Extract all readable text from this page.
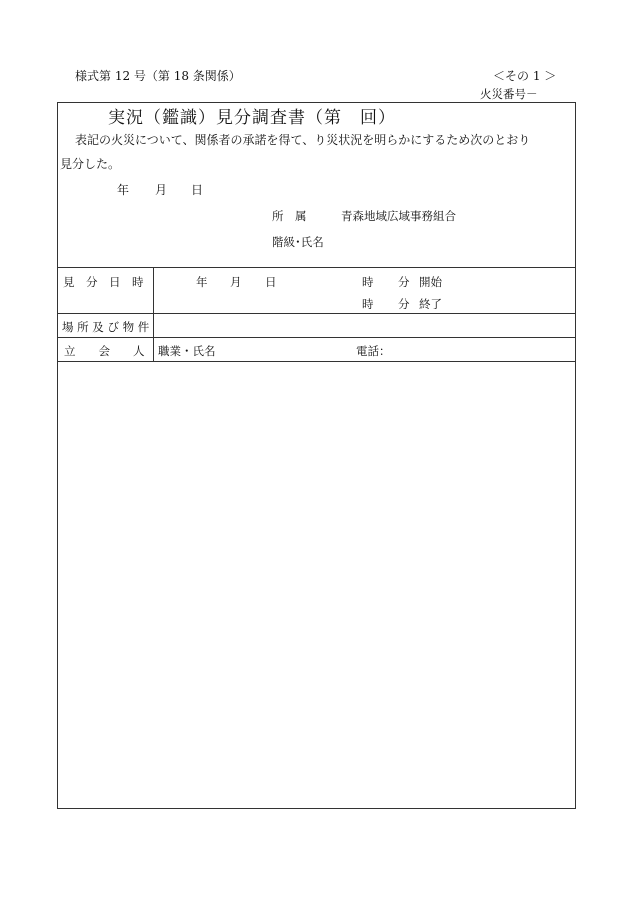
様式第 12 号（第 18 条関係）	＜その 1 ＞
火災番号－
実況（鑑識）見分調査書（第　回）
表記の火災について、関係者の承諾を得て、り災状況を明らかにするため次のとおり
見分した。
年 月 日
所　属	青森地域広域事務組合
階級･氏名
見　分　日　時	年 月 日	時 分 開始
時 分 終了
場 所 及 び 物 件
立　　会　　人 職業・氏名	電話：
